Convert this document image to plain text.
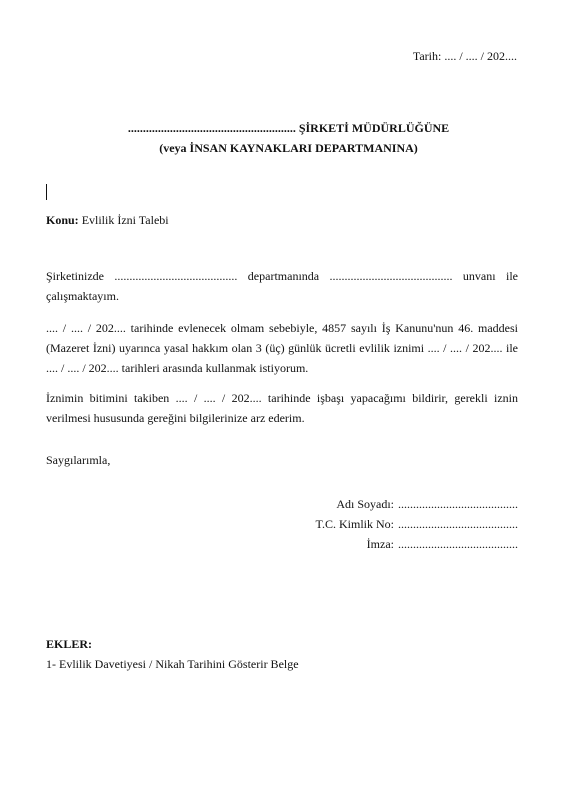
Tarih: .... / .... / 202....
........................................................ ŞİRKETİ MÜDÜRLÜĞÜNE
(veya İNSAN KAYNAKLARI DEPARTMANINA)
Konu: Evlilik İzni Talebi
Şirketinizde ......................................... departmanında ......................................... unvanı ile çalışmaktayım.
.... / .... / 202.... tarihinde evlenecek olmam sebebiyle, 4857 sayılı İş Kanunu'nun 46. maddesi (Mazeret İzni) uyarınca yasal hakkım olan 3 (üç) günlük ücretli evlilik iznimi .... / .... / 202.... ile .... / .... / 202.... tarihleri arasında kullanmak istiyorum.
İznimin bitimini takiben .... / .... / 202.... tarihinde işbaşı yapacağımı bildirir, gerekli iznin verilmesi hususunda gereğini bilgilerinize arz ederim.
Saygılarımla,
Adı Soyadı: ........................................
T.C. Kimlik No: ........................................
İmza: ........................................
EKLER:
1- Evlilik Davetiyesi / Nikah Tarihini Gösterir Belge
